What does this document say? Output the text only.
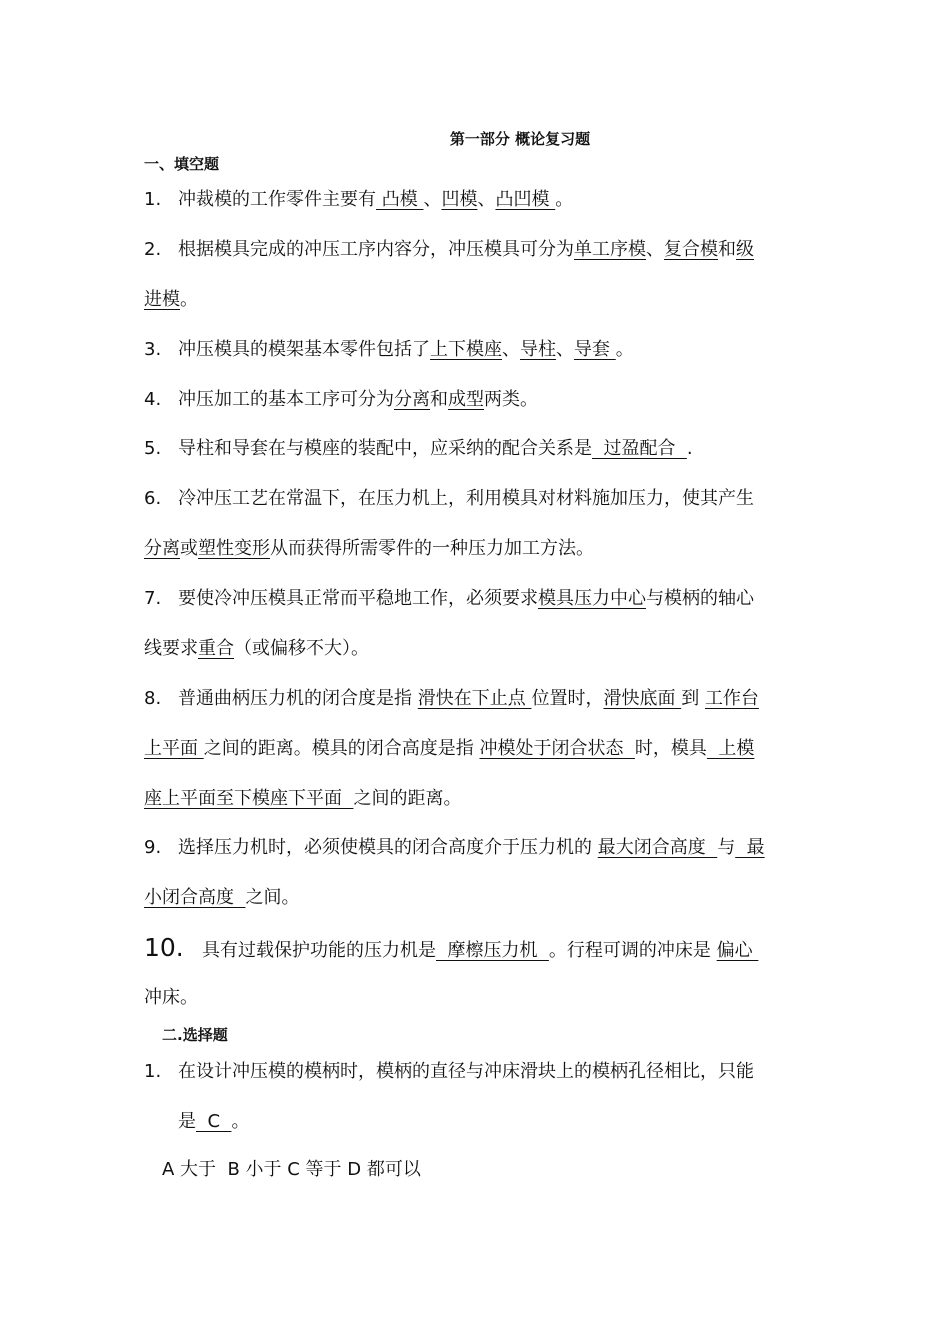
第一部分 概论复习题
一、填空题
1. 冲裁模的工作零件主要有 凸模 、凹模、凸凹模 。
2. 根据模具完成的冲压工序内容分，冲压模具可分为单工序模、复合模和级
进模。
3. 冲压模具的模架基本零件包括了上下模座、导柱、导套 。
4. 冲压加工的基本工序可分为分离和成型两类。
5. 导柱和导套在与模座的装配中，应采纳的配合关系是  过盈配合  .
6. 冷冲压工艺在常温下，在压力机上，利用模具对材料施加压力，使其产生
分离或塑性变形从而获得所需零件的一种压力加工方法。
7. 要使冷冲压模具正常而平稳地工作，必须要求模具压力中心与模柄的轴心
线要求重合（或偏移不大）。
8. 普通曲柄压力机的闭合度是指 滑快在下止点 位置时，滑快底面 到 工作台
上平面 之间的距离。模具的闭合高度是指 冲模处于闭合状态  时，模具  上模
座上平面至下模座下平面  之间的距离。
9. 选择压力机时，必须使模具的闭合高度介于压力机的 最大闭合高度  与  最
小闭合高度  之间。
10. 具有过载保护功能的压力机是  摩檫压力机  。行程可调的冲床是 偏心
冲床。
二.选择题
1. 在设计冲压模的模柄时，模柄的直径与冲床滑块上的模柄孔径相比，只能
是  C  。
A 大于  B 小于 C 等于 D 都可以
